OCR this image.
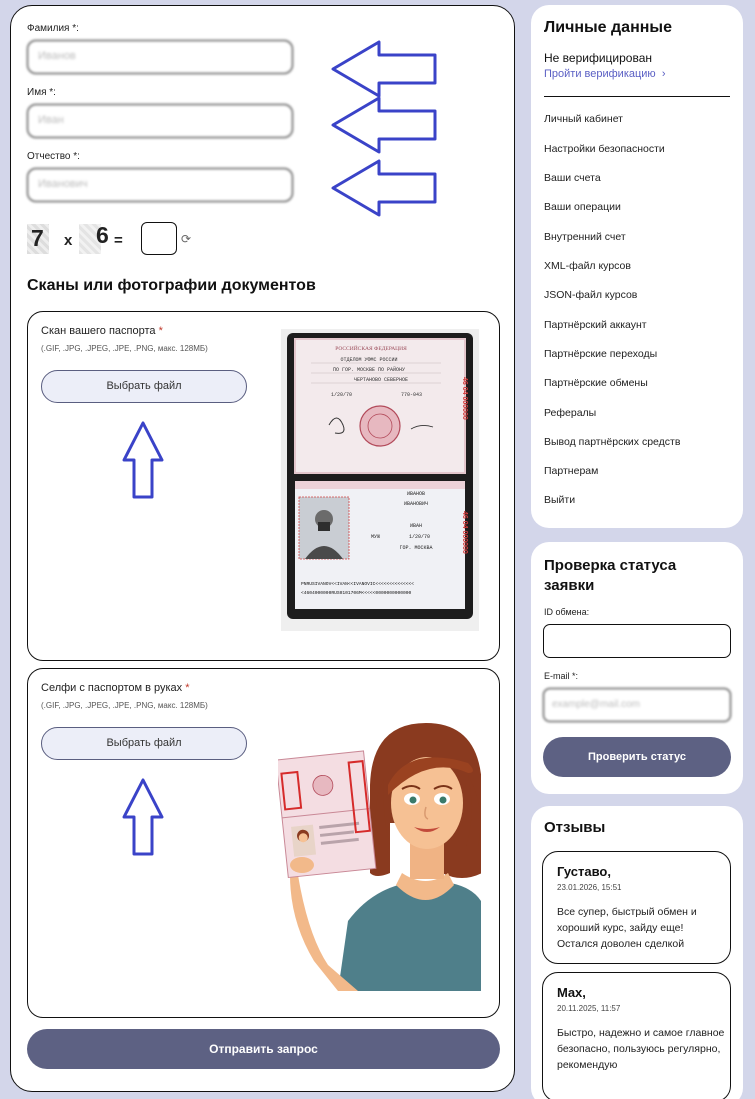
Фамилия *:
Иванов
Имя *:
Иван
Отчество *:
Иванович
7 x 6 =	⟳
Сканы или фотографии документов
Скан вашего паспорта *
(.GIF, .JPG, .JPEG, .JPE, .PNG, макс. 128МБ)
Выбрать файл
РОССИЙСКАЯ ФЕДЕРАЦИЯ
ОТДЕЛОМ УФМС РОССИИ
ПО ГОР. МОСКВЕ ПО РАЙОНУ
ЧЕРТАНОВО СЕВЕРНОЕ
1/20/70	770-043	46 04 000000
ИВАНОВ
ИВАНОВИЧ
ИВАН
МУЖ	1/20/70
ГОР. МОСКВА	46 04 000000
PNRUSIVANOV<<IVAN<<IVANOVIC<<<<<<<<<<<<<<
<4604000000RUS0101706M<<<<<0000000000000
Селфи с паспортом в руках *
(.GIF, .JPG, .JPEG, .JPE, .PNG, макс. 128МБ)
Выбрать файл
Отправить запрос
Личные данные
Не верифицирован
Пройти верификацию ›
Личный кабинет
Настройки безопасности
Ваши счета
Ваши операции
Внутренний счет
XML-файл курсов
JSON-файл курсов
Партнёрский аккаунт
Партнёрские переходы
Партнёрские обмены
Рефералы
Вывод партнёрских средств
Партнерам
Выйти
Проверка статуса
заявки
ID обмена:
E-mail *:
example@mail.com
Проверить статус
Отзывы
Густаво,
23.01.2026, 15:51
Все супер, быстрый обмен и хороший курс, зайду еще! Остался доволен сделкой
Max,
20.11.2025, 11:57
Быстро, надежно и самое главное безопасно, пользуюсь регулярно, рекомендую
